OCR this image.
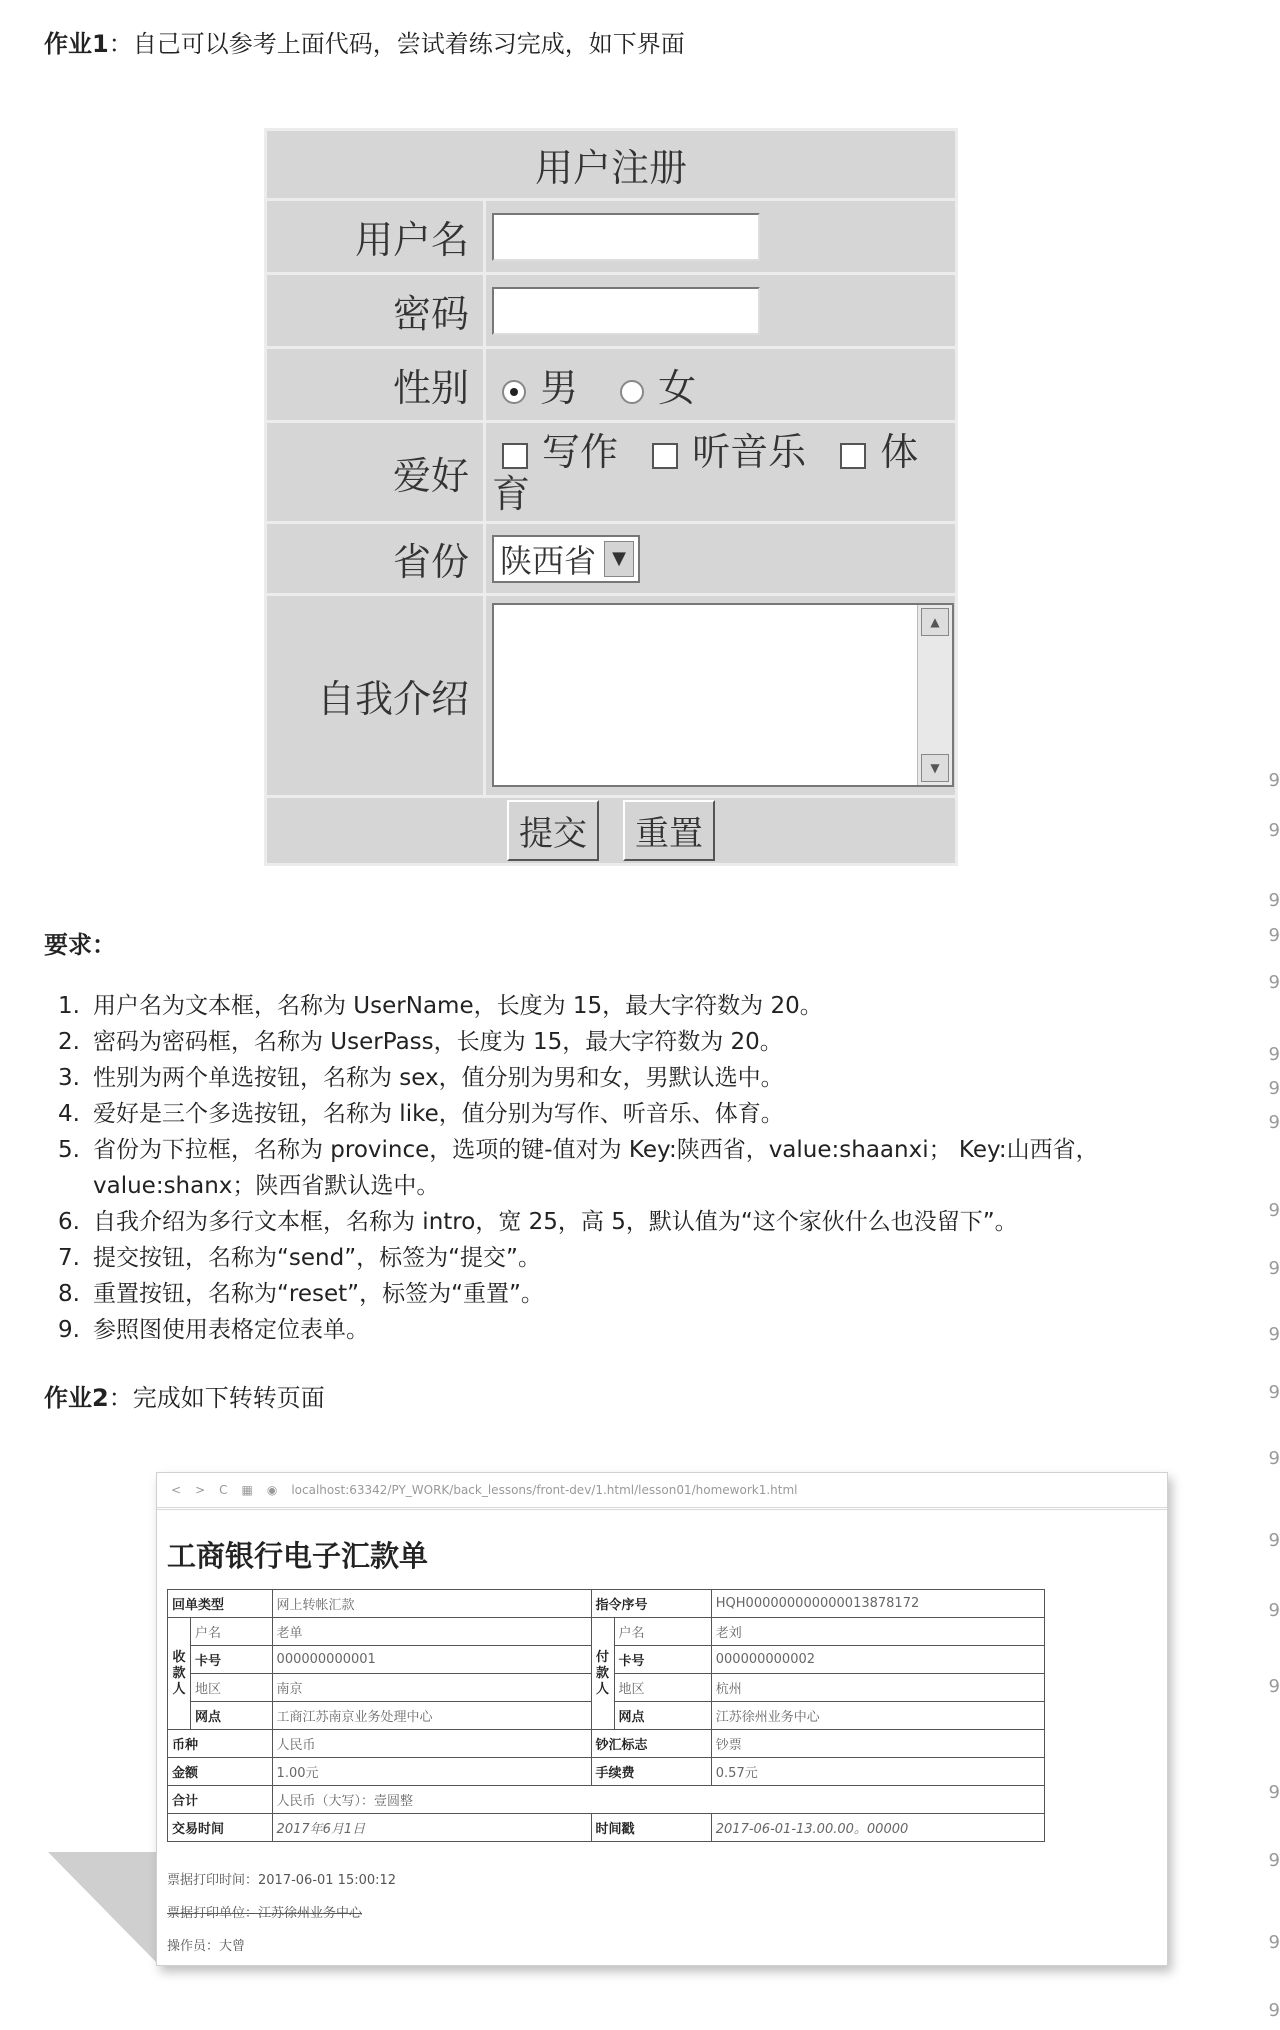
作业1：自己可以参考上面代码，尝试着练习完成，如下界面
用户注册	
用户名	
密码	
性别	男 女
爱好	写作 听音乐 体育
省份	陕西省 ▼

自我介绍	▲
▼

提交 重置	
要求：
1. 用户名为文本框，名称为 UserName，长度为 15，最大字符数为 20。
2. 密码为密码框，名称为 UserPass，长度为 15，最大字符数为 20。
3. 性别为两个单选按钮，名称为 sex，值分别为男和女，男默认选中。
4. 爱好是三个多选按钮，名称为 like，值分别为写作、听音乐、体育。
5. 省份为下拉框，名称为 province，选项的键-值对为 Key:陕西省，value:shaanxi； Key:山西省，value:shanx；陕西省默认选中。
6. 自我介绍为多行文本框，名称为 intro，宽 25，高 5，默认值为“这个家伙什么也没留下”。
7. 提交按钮，名称为“send”，标签为“提交”。
8. 重置按钮，名称为“reset”，标签为“重置”。
9. 参照图使用表格定位表单。
作业2：完成如下转转页面
< > C ▦ ◉ localhost:63342/PY_WORK/back_lessons/front-dev/1.html/lesson01/homework1.html
工商银行电子汇款单
回单类型		网上转帐汇款	指令序号		HQH000000000000013878172
收款人	户名	老单	付款人	户名	老刘
	卡号	000000000001		卡号	000000000002
	地区	南京		地区	杭州
	网点	工商江苏南京业务处理中心		网点	江苏徐州业务中心
币种		人民币	钞汇标志		钞票
金额		1.00元	手续费		0.57元
合计		人民币（大写）：壹圆整			
交易时间		2017年6月1日	时间戳		2017-06-01-13.00.00。00000
票据打印时间：2017-06-01 15:00:12
票据打印单位：江苏徐州业务中心
操作员：大曾
9
9
9
9
9
9
9
9
9
9
9
9
9
9
9
9
9
9
9
9
